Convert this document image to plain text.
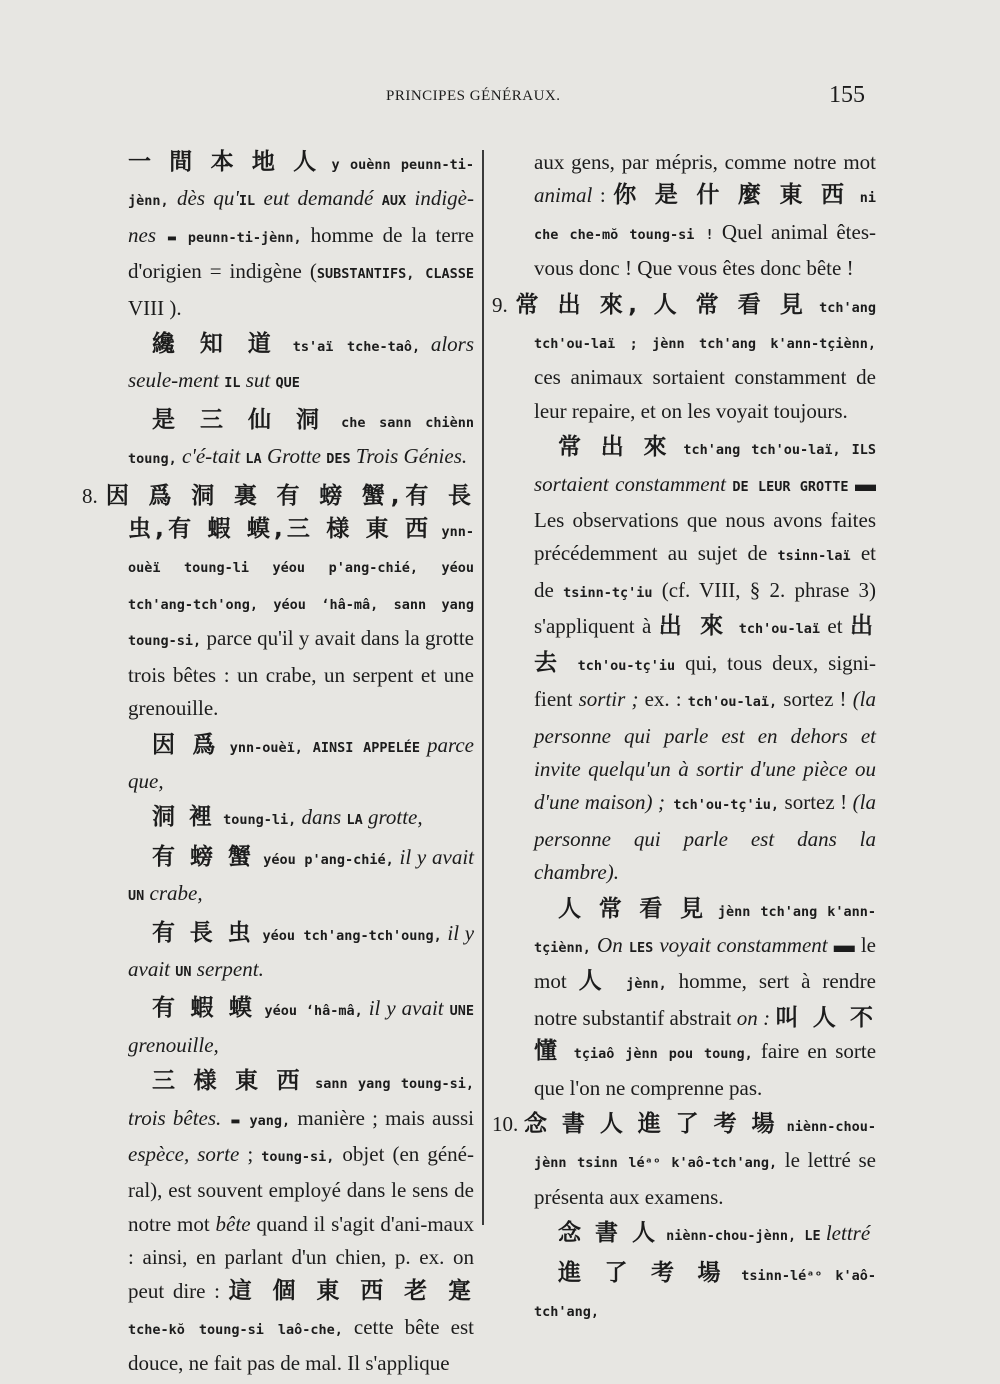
PRINCIPES GÉNÉRAUX.	155

一 間 本 地 人 y ouènn peunn-ti-jènn, dès qu'IL eut demandé AUX indigè-nes ▬ peunn-ti-jènn, homme de la terre d'origien = indigène (SUBSTANTIFS, CLASSE VIII ).

纔 知 道 ts'aï tche-taô, alors seule-ment IL sut QUE

是 三 仙 洞 che sann chiènn toung, c'é-tait LA Grotte DES Trois Génies.

8. 因 爲 洞 裏 有 螃 蟹,有 長 虫,有 蝦 蟆,三 様 東 西 ynn-ouèï toung-li yéou p'ang-chié, yéou tch'ang-tch'ong, yéou ʻhâ-mâ, sann yang toung-si, parce qu'il y avait dans la grotte trois bêtes : un crabe, un serpent et une grenouille.

因 爲 ynn-ouèï, AINSI APPELÉE parce que,

洞 裡 toung-li, dans LA grotte,

有 螃 蟹 yéou p'ang-chié, il y avait UN crabe,

有 長 虫 yéou tch'ang-tch'oung, il y avait UN serpent.

有 蝦 蟆 yéou ʻhâ-mâ, il y avait UNE grenouille,

三 様 東 西 sann yang toung-si, trois bêtes. ▬ yang, manière ; mais aussi espèce, sorte ; toung-si, objet (en géné-ral), est souvent employé dans le sens de notre mot bête quand il s'agit d'ani-maux : ainsi, en parlant d'un chien, p. ex. on peut dire : 這 個 東 西 老 寔 tche-kŏ toung-si laô-che, cette bête est douce, ne fait pas de mal. Il s'applique

aux gens, par mépris, comme notre mot animal : 你 是 什 麼 東 西 ni che che-mŏ toung-si ! Quel animal êtes-vous donc ! Que vous êtes donc bête !

9. 常 出 來, 人 常 看 見 tch'ang tch'ou-laï ; jènn tch'ang k'ann-tçiènn, ces animaux sortaient constamment de leur repaire, et on les voyait toujours.

常 出 來 tch'ang tch'ou-laï, ILS sortaient constamment DE LEUR GROTTE ▬ Les observations que nous avons faites précédemment au sujet de tsinn-laï et de tsinn-tç'iu (cf. VIII, § 2. phrase 3) s'appliquent à 出 來 tch'ou-laï et 出 去 tch'ou-tç'iu qui, tous deux, signi-fient sortir ; ex. : tch'ou-laï, sortez ! (la personne qui parle est en dehors et invite quelqu'un à sortir d'une pièce ou d'une maison) ; tch'ou-tç'iu, sortez ! (la personne qui parle est dans la chambre).

人 常 看 見 jènn tch'ang k'ann-tçiènn, On LES voyait constamment ▬ le mot 人 jènn, homme, sert à rendre notre substantif abstrait on : 叫 人 不 懂 tçiaô jènn pou toung, faire en sorte que l'on ne comprenne pas.

10. 念 書 人 進 了 考 場 niènn-chou-jènn tsinn léᵃᵒ k'aô-tch'ang, le lettré se présenta aux examens.

念 書 人 niènn-chou-jènn, LE lettré

進 了 考 場 tsinn-léᵃᵒ k'aô-tch'ang,
